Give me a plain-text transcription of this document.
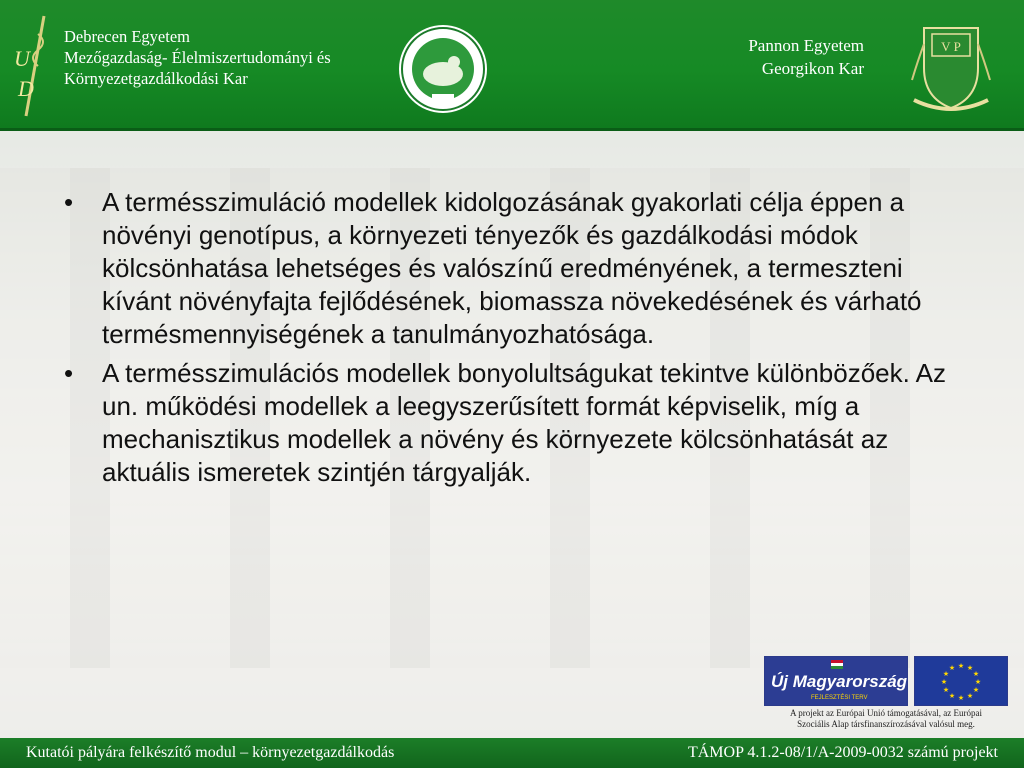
U
D
Debrecen Egyetem
Mezőgazdaság- Élelmiszertudományi és
Környezetgazdálkodási Kar
Pannon Egyetem
Georgikon Kar
V P
• A termésszimuláció modellek kidolgozásának gyakorlati célja éppen a növényi genotípus, a környezeti tényezők és gazdálkodási módok kölcsönhatása lehetséges és valószínű eredményének, a termeszteni kívánt növényfajta fejlődésének, biomassza növekedésének és várható termésmennyiségének a tanulmányozhatósága.
• A termésszimulációs modellek bonyolultságukat tekintve különbözőek. Az un. működési modellek a leegyszerűsített formát képviselik, míg a mechanisztikus modellek a növény és környezete kölcsönhatását az aktuális ismeretek szintjén tárgyalják.
Új Magyarország
FEJLESZTÉSI TERV
★ ★
★
★
★
★
★
★
★
★
★
★
A projekt az Európai Unió támogatásával, az Európai
Szociális Alap társfinanszírozásával valósul meg.
Kutatói pályára felkészítő modul – környezetgazdálkodás	TÁMOP 4.1.2-08/1/A-2009-0032 számú projekt
